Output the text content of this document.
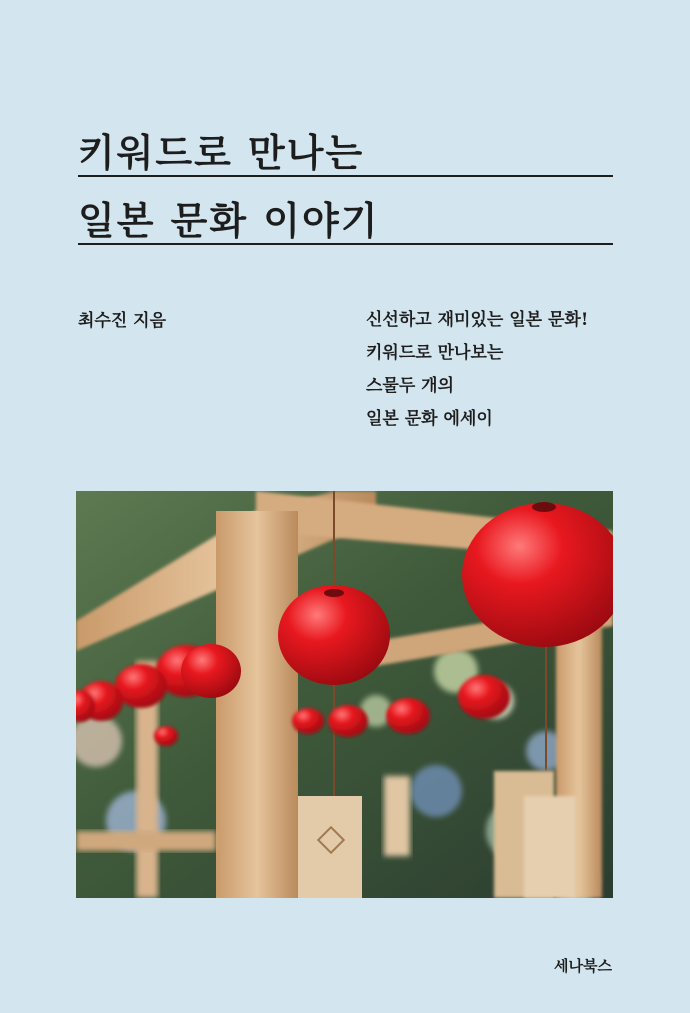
키워드로 만나는
일본 문화 이야기
최수진 지음	신선하고 재미있는 일본 문화!
키워드로 만나보는
스물두 개의
일본 문화 에세이
세나북스
